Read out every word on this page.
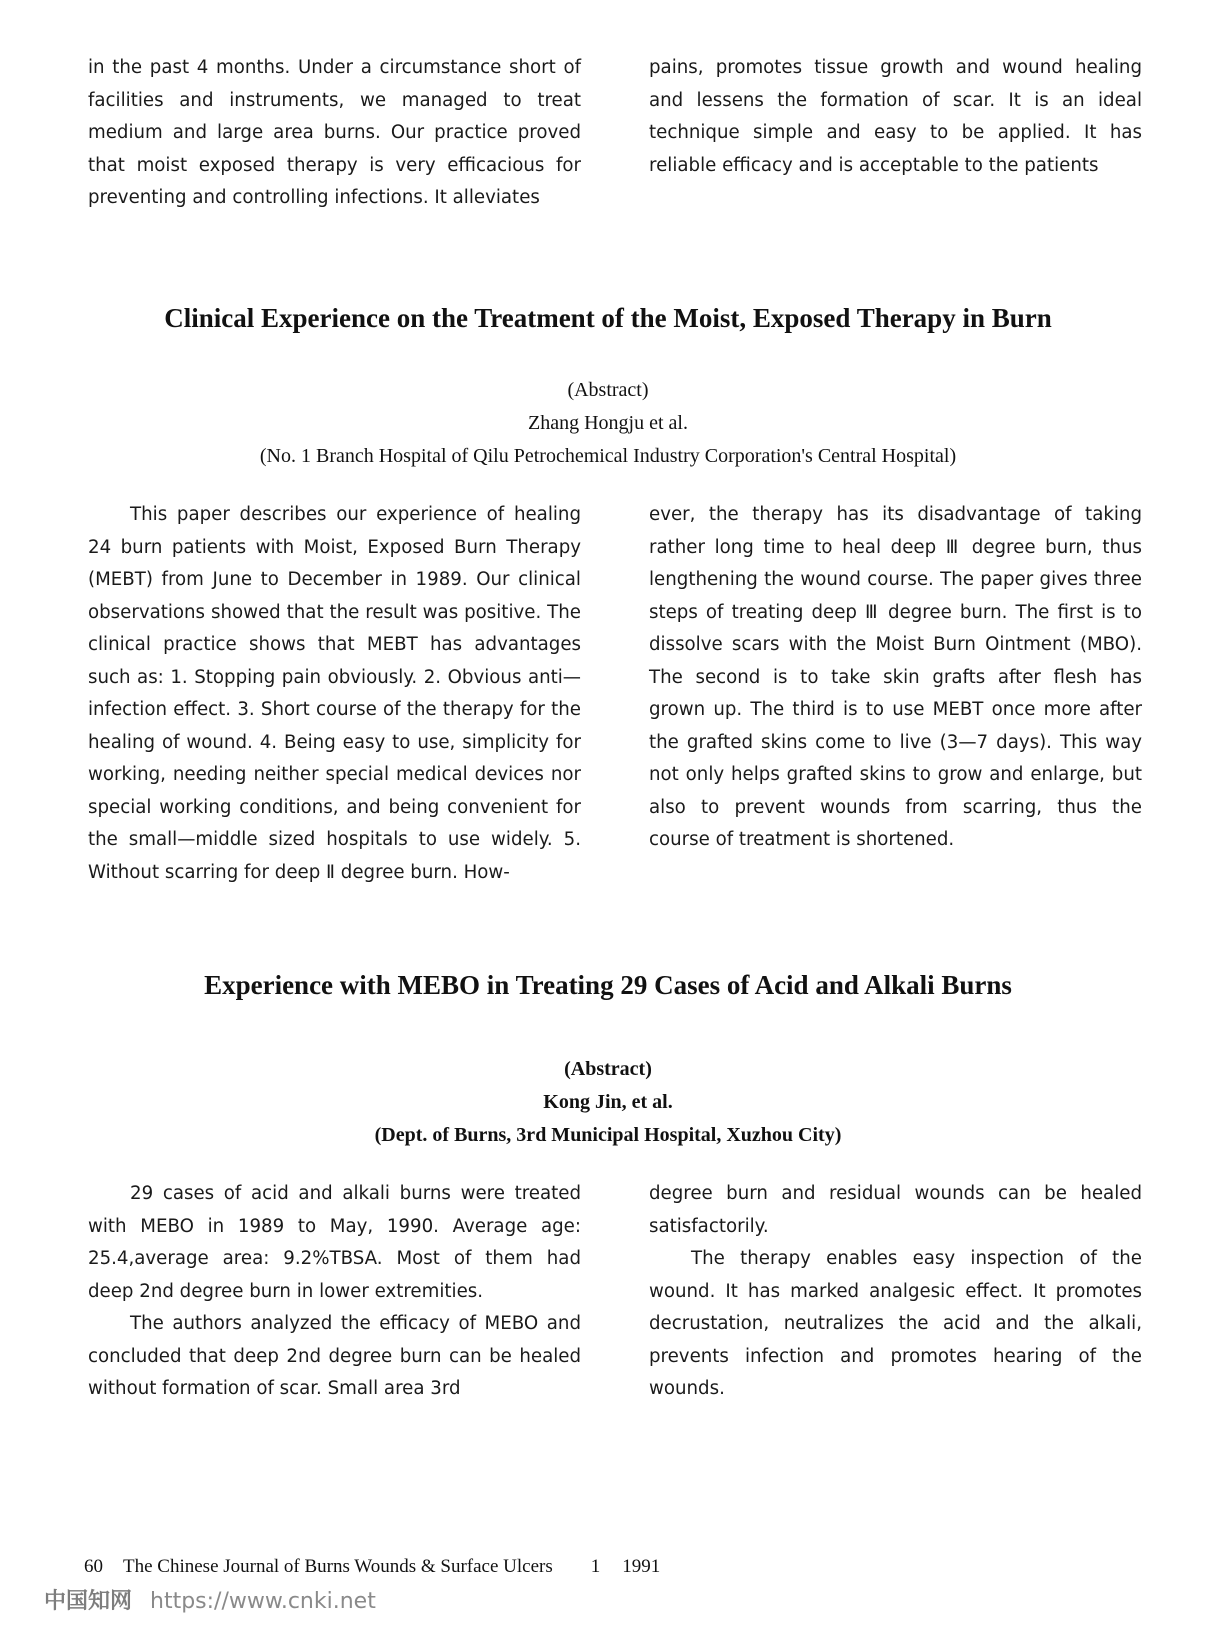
in the past 4 months. Under a circumstance short of facilities and instruments, we managed to treat medium and large area burns. Our practice proved that moist exposed therapy is very efficacious for preventing and controlling infections. It alleviates

pains, promotes tissue growth and wound healing and lessens the formation of scar. It is an ideal technique simple and easy to be applied. It has reliable efficacy and is acceptable to the patients

Clinical Experience on the Treatment of the Moist, Exposed Therapy in Burn
(Abstract)
Zhang Hongju et al.
(No. 1 Branch Hospital of Qilu Petrochemical Industry Corporation's Central Hospital)

This paper describes our experience of healing 24 burn patients with Moist, Exposed Burn Therapy (MEBT) from June to December in 1989. Our clinical observations showed that the result was positive. The clinical practice shows that MEBT has advantages such as: 1. Stopping pain obviously. 2. Obvious anti—infection effect. 3. Short course of the therapy for the healing of wound. 4. Being easy to use, simplicity for working, needing neither special medical devices nor special working conditions, and being convenient for the small—middle sized hospitals to use widely. 5. Without scarring for deep Ⅱ degree burn. How-

ever, the therapy has its disadvantage of taking rather long time to heal deep Ⅲ degree burn, thus lengthening the wound course. The paper gives three steps of treating deep Ⅲ degree burn. The first is to dissolve scars with the Moist Burn Ointment (MBO). The second is to take skin grafts after flesh has grown up. The third is to use MEBT once more after the grafted skins come to live (3—7 days). This way not only helps grafted skins to grow and enlarge, but also to prevent wounds from scarring, thus the course of treatment is shortened.

Experience with MEBO in Treating 29 Cases of Acid and Alkali Burns
(Abstract)
Kong Jin, et al.
(Dept. of Burns, 3rd Municipal Hospital, Xuzhou City)

29 cases of acid and alkali burns were treated with MEBO in 1989 to May, 1990. Average age: 25.4,average area: 9.2%TBSA. Most of them had deep 2nd degree burn in lower extremities.

The authors analyzed the efficacy of MEBO and concluded that deep 2nd degree burn can be healed without formation of scar. Small area 3rd

degree burn and residual wounds can be healed satisfactorily.

The therapy enables easy inspection of the wound. It has marked analgesic effect. It promotes decrustation, neutralizes the acid and the alkali, prevents infection and promotes hearing of the wounds.

60 The Chinese Journal of Burns Wounds & Surface Ulcers 1 1991
中国知网 https://www.cnki.net
